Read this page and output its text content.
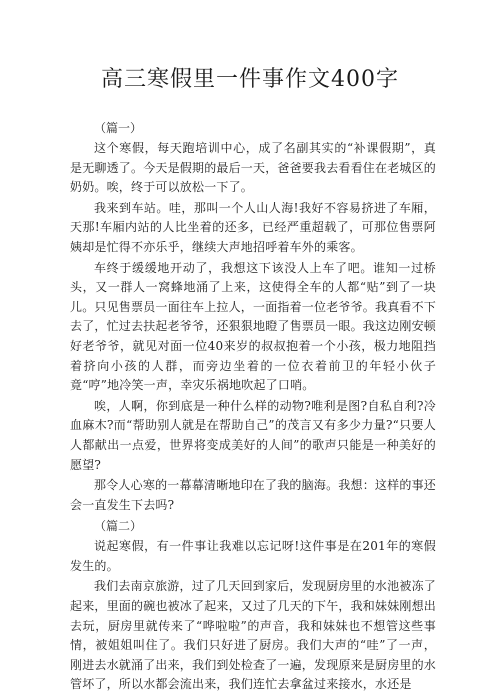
高三寒假里一件事作文400字

（篇一）

这个寒假，每天跑培训中心，成了名副其实的“补课假期”，真是无聊透了。今天是假期的最后一天，爸爸要我去看看住在老城区的奶奶。唉，终于可以放松一下了。

我来到车站。哇，那叫一个人山人海!我好不容易挤进了车厢，天那!车厢内站的人比坐着的还多，已经严重超载了，可那位售票阿姨却是忙得不亦乐乎，继续大声地招呼着车外的乘客。

车终于缓缓地开动了，我想这下该没人上车了吧。谁知一过桥头，又一群人一窝蜂地涌了上来，这使得全车的人都“贴”到了一块儿。只见售票员一面往车上拉人，一面指着一位老爷爷。我真看不下去了，忙过去扶起老爷爷，还狠狠地瞪了售票员一眼。我这边刚安顿好老爷爷，就见对面一位40来岁的叔叔抱着一个小孩，极力地阻挡着挤向小孩的人群，而旁边坐着的一位衣着前卫的年轻小伙子竟“哼”地冷笑一声，幸灾乐祸地吹起了口哨。

唉，人啊，你到底是一种什么样的动物?唯利是图?自私自利?冷血麻木?而“帮助别人就是在帮助自己”的茂言又有多少力量?“只要人人都献出一点爱，世界将变成美好的人间”的歌声只能是一种美好的愿望?

那令人心寒的一幕幕清晰地印在了我的脑海。我想：这样的事还会一直发生下去吗?

（篇二）

说起寒假，有一件事让我难以忘记呀!这件事是在201年的寒假发生的。

我们去南京旅游，过了几天回到家后，发现厨房里的水池被冻了起来，里面的碗也被冰了起来，又过了几天的下午，我和妹妹刚想出去玩，厨房里就传来了“哗啦啦”的声音，我和妹妹也不想管这些事情，被姐姐叫住了。我们只好进了厨房。我们大声的“哇”了一声，刚进去水就涌了出来，我们到处检查了一遍，发现原来是厨房里的水管坏了，所以水都会流出来，我们连忙去拿盆过来接水，水还是
